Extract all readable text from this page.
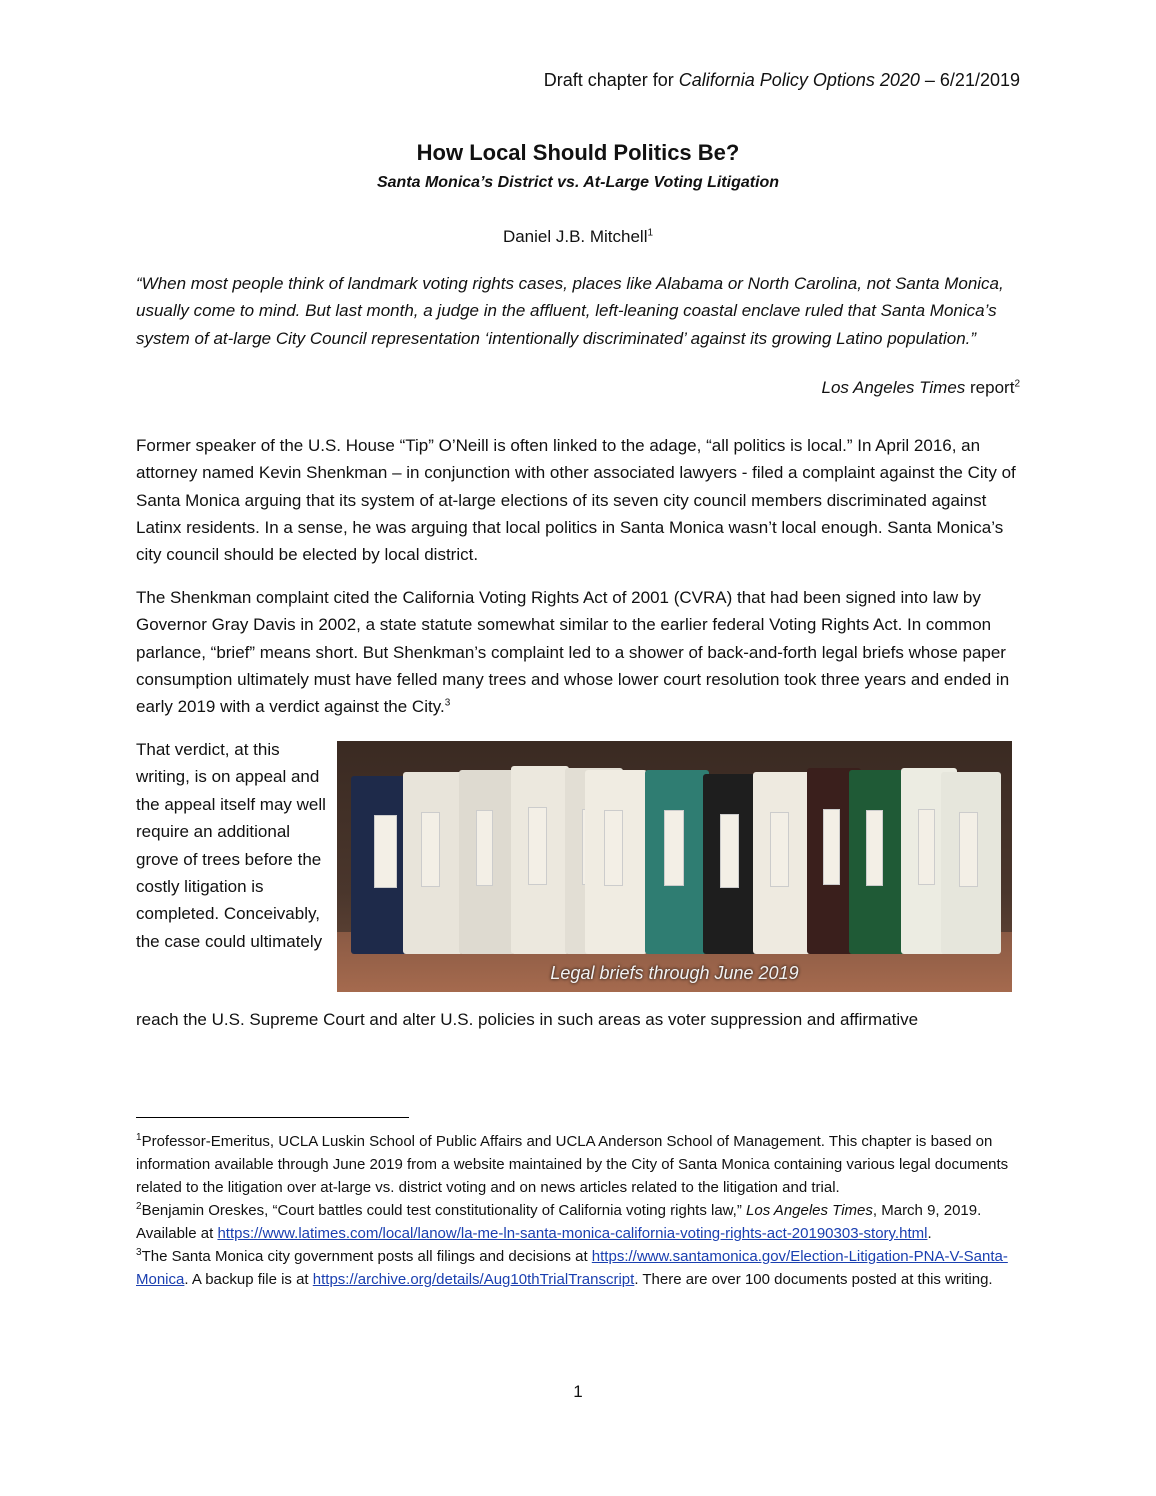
Draft chapter for California Policy Options 2020 – 6/21/2019
How Local Should Politics Be?
Santa Monica’s District vs. At-Large Voting Litigation
Daniel J.B. Mitchell$^1$
“When most people think of landmark voting rights cases, places like Alabama or North Carolina, not Santa Monica, usually come to mind. But last month, a judge in the affluent, left-leaning coastal enclave ruled that Santa Monica’s system of at-large City Council representation ‘intentionally discriminated’ against its growing Latino population.”
Los Angeles Times report$^2$

Former speaker of the U.S. House “Tip” O’Neill is often linked to the adage, “all politics is local.” In April 2016, an attorney named Kevin Shenkman – in conjunction with other associated lawyers - filed a complaint against the City of Santa Monica arguing that its system of at-large elections of its seven city council members discriminated against Latinx residents. In a sense, he was arguing that local politics in Santa Monica wasn’t local enough. Santa Monica’s city council should be elected by local district.

The Shenkman complaint cited the California Voting Rights Act of 2001 (CVRA) that had been signed into law by Governor Gray Davis in 2002, a state statute somewhat similar to the earlier federal Voting Rights Act. In common parlance, “brief” means short. But Shenkman’s complaint led to a shower of back-and-forth legal briefs whose paper consumption ultimately must have felled many trees and whose lower court resolution took three years and ended in early 2019 with a verdict against the City.$^3$

That verdict, at this writing, is on appeal and the appeal itself may well require an additional grove of trees before the costly litigation is completed. Conceivably, the case could ultimately
Legal briefs through June 2019
reach the U.S. Supreme Court and alter U.S. policies in such areas as voter suppression and affirmative

$^1$Professor-Emeritus, UCLA Luskin School of Public Affairs and UCLA Anderson School of Management. This chapter is based on information available through June 2019 from a website maintained by the City of Santa Monica containing various legal documents related to the litigation over at-large vs. district voting and on news articles related to the litigation and trial.

$^2$Benjamin Oreskes, “Court battles could test constitutionality of California voting rights law,” Los Angeles Times, March 9, 2019. Available at https://www.latimes.com/local/lanow/la-me-ln-santa-monica-california-voting-rights-act-20190303-story.html.

$^3$The Santa Monica city government posts all filings and decisions at https://www.santamonica.gov/Election-Litigation-PNA-V-Santa-Monica. A backup file is at https://archive.org/details/Aug10thTrialTranscript. There are over 100 documents posted at this writing.

1
